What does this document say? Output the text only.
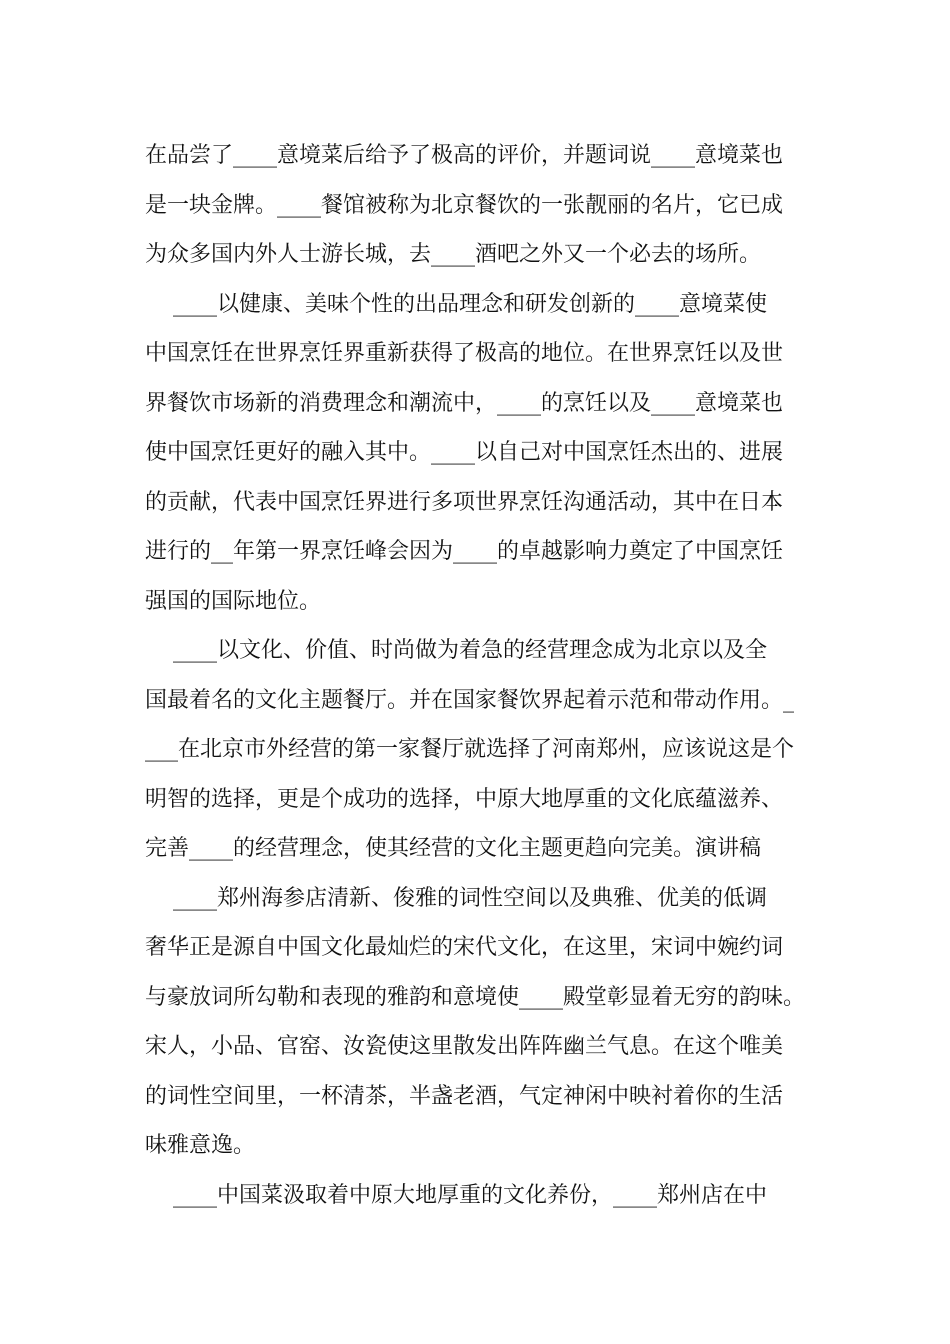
在品尝了____意境菜后给予了极高的评价，并题词说____意境菜也
是一块金牌。____餐馆被称为北京餐饮的一张靓丽的名片，它已成
为众多国内外人士游长城，去____酒吧之外又一个必去的场所。
____以健康、美味个性的出品理念和研发创新的____意境菜使
中国烹饪在世界烹饪界重新获得了极高的地位。在世界烹饪以及世
界餐饮市场新的消费理念和潮流中，____的烹饪以及____意境菜也
使中国烹饪更好的融入其中。____以自己对中国烹饪杰出的、进展
的贡献，代表中国烹饪界进行多项世界烹饪沟通活动，其中在日本
进行的__年第一界烹饪峰会因为____的卓越影响力奠定了中国烹饪
强国的国际地位。
____以文化、价值、时尚做为着急的经营理念成为北京以及全
国最着名的文化主题餐厅。并在国家餐饮界起着示范和带动作用。_
___在北京市外经营的第一家餐厅就选择了河南郑州，应该说这是个
明智的选择，更是个成功的选择，中原大地厚重的文化底蕴滋养、
完善____的经营理念，使其经营的文化主题更趋向完美。演讲稿
____郑州海参店清新、俊雅的词性空间以及典雅、优美的低调
奢华正是源自中国文化最灿烂的宋代文化，在这里，宋词中婉约词
与豪放词所勾勒和表现的雅韵和意境使____殿堂彰显着无穷的韵味。
宋人，小品、官窑、汝瓷使这里散发出阵阵幽兰气息。在这个唯美
的词性空间里，一杯清茶，半盏老酒，气定神闲中映衬着你的生活
味雅意逸。
____中国菜汲取着中原大地厚重的文化养份，____郑州店在中
